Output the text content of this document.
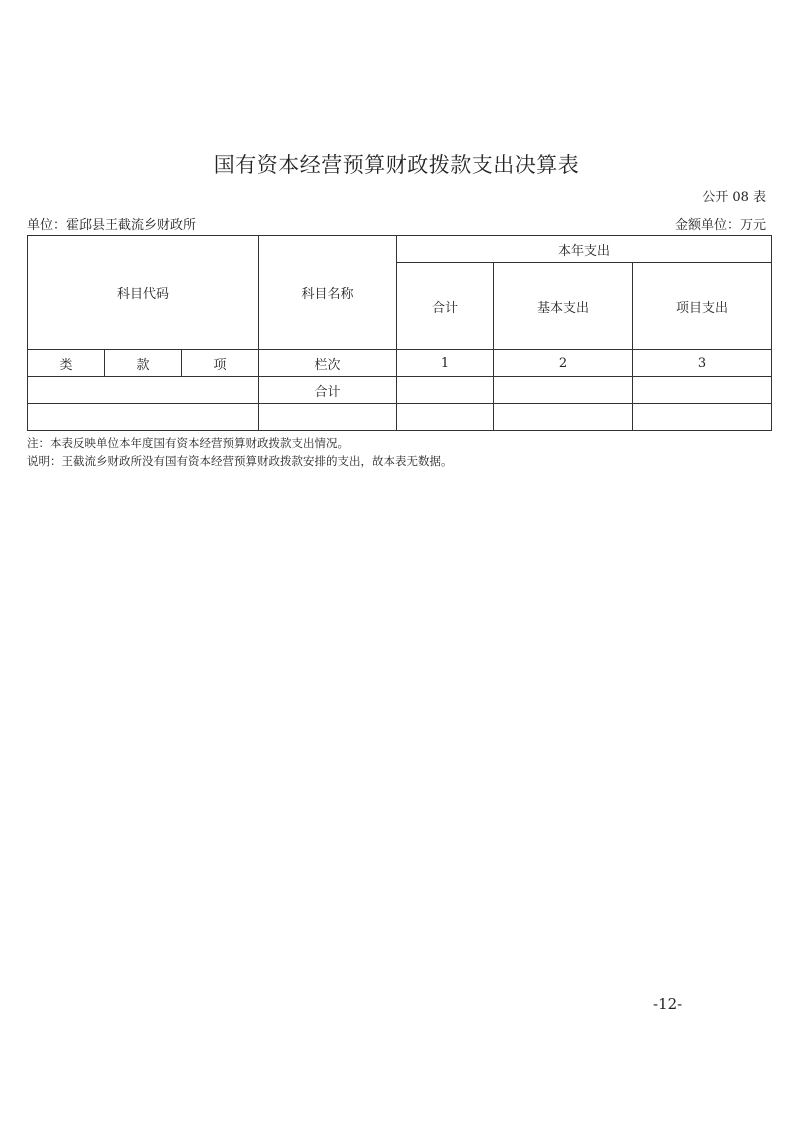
国有资本经营预算财政拨款支出决算表
公开 08 表
单位：霍邱县王截流乡财政所	金额单位：万元
科目代码			科目名称	本年支出		
				合计	基本支出	项目支出
类	款	项	栏次	1	2	3
			合计			

注：本表反映单位本年度国有资本经营预算财政拨款支出情况。
说明：王截流乡财政所没有国有资本经营预算财政拨款安排的支出，故本表无数据。
-12-
